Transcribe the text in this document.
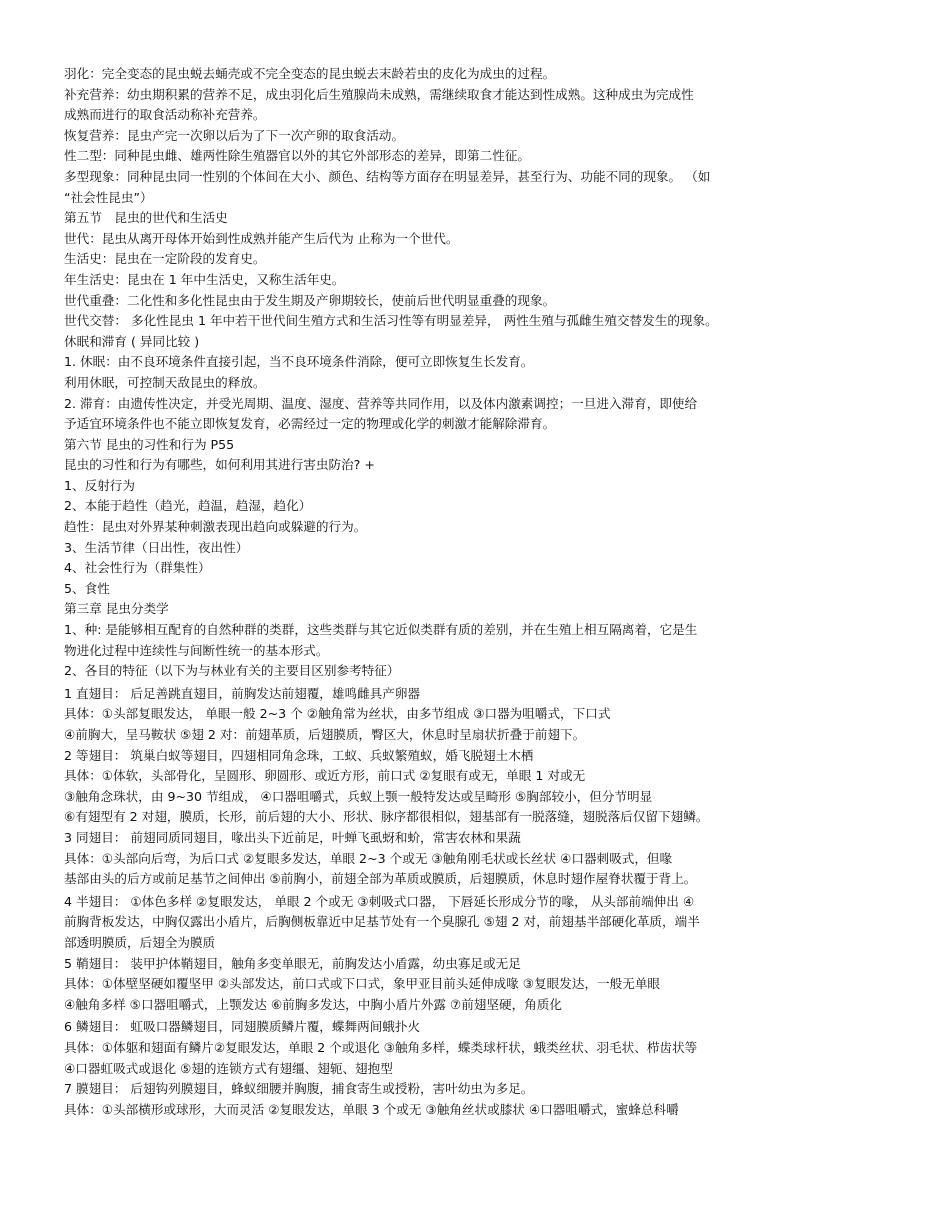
羽化：完全变态的昆虫蜕去蛹壳或不完全变态的昆虫蜕去末龄若虫的皮化为成虫的过程。
补充营养：幼虫期积累的营养不足，成虫羽化后生殖腺尚未成熟，需继续取食才能达到性成熟。这种成虫为完成性
成熟而进行的取食活动称补充营养。
恢复营养：昆虫产完一次卵以后为了下一次产卵的取食活动。
性二型：同种昆虫雌、雄两性除生殖器官以外的其它外部形态的差异，即第二性征。
多型现象：同种昆虫同一性别的个体间在大小、颜色、结构等方面存在明显差异，甚至行为、功能不同的现象。 （如
“社会性昆虫”）
第五节　昆虫的世代和生活史
世代：昆虫从离开母体开始到性成熟并能产生后代为 止称为一个世代。
生活史：昆虫在一定阶段的发育史。
年生活史：昆虫在 1 年中生活史，又称生活年史。
世代重叠：二化性和多化性昆虫由于发生期及产卵期较长，使前后世代明显重叠的现象。
世代交替： 多化性昆虫 1 年中若干世代间生殖方式和生活习性等有明显差异， 两性生殖与孤雌生殖交替发生的现象。
休眠和滞育 ( 异同比较 )
1. 休眠：由不良环境条件直接引起，当不良环境条件消除，便可立即恢复生长发育。
利用休眠，可控制天敌昆虫的释放。
2. 滞育：由遗传性决定，并受光周期、温度、湿度、营养等共同作用，以及体内激素调控；一旦进入滞育，即使给
予适宜环境条件也不能立即恢复发育，必需经过一定的物理或化学的刺激才能解除滞育。
第六节 昆虫的习性和行为 P55
昆虫的习性和行为有哪些，如何利用其进行害虫防治? +
1、反射行为
2、本能于趋性（趋光，趋温，趋湿，趋化）
趋性：昆虫对外界某种刺激表现出趋向或躲避的行为。
3、生活节律（日出性，夜出性）
4、社会性行为（群集性）
5、食性
第三章 昆虫分类学
1、种: 是能够相互配育的自然种群的类群，这些类群与其它近似类群有质的差别，并在生殖上相互隔离着，它是生
物进化过程中连续性与间断性统一的基本形式。
2、各目的特征（以下为与林业有关的主要目区别参考特征）
1 直翅目： 后足善跳直翅目，前胸发达前翅覆，雄鸣雌具产卵器
具体：①头部复眼发达， 单眼一般 2~3 个 ②触角常为丝状，由多节组成 ③口器为咀嚼式，下口式
④前胸大，呈马鞍状 ⑤翅 2 对：前翅革质，后翅膜质，臀区大，休息时呈扇状折叠于前翅下。
2 等翅目： 筑巢白蚁等翅目，四翅相同角念珠，工蚁、兵蚁繁殖蚁，婚飞脱翅土木栖
具体：①体软，头部骨化，呈圆形、卵圆形、或近方形，前口式 ②复眼有或无，单眼 1 对或无
③触角念珠状，由 9~30 节组成， ④口器咀嚼式，兵蚁上颚一般特发达或呈畸形 ⑤胸部较小，但分节明显
⑥有翅型有 2 对翅，膜质，长形，前后翅的大小、形状、脉序都很相似，翅基部有一脱落缝，翅脱落后仅留下翅鳞。
3 同翅目： 前翅同质同翅目，喙出头下近前足，叶蝉飞虱蚜和蚧，常害农林和果蔬
具体：①头部向后弯，为后口式 ②复眼多发达，单眼 2~3 个或无 ③触角刚毛状或长丝状 ④口器刺吸式，但喙
基部由头的后方或前足基节之间伸出 ⑤前胸小，前翅全部为革质或膜质，后翅膜质，休息时翅作屋脊状覆于背上。
4 半翅目： ①体色多样 ②复眼发达， 单眼 2 个或无 ③刺吸式口器， 下唇延长形成分节的喙， 从头部前端伸出 ④
前胸背板发达，中胸仅露出小盾片，后胸侧板靠近中足基节处有一个臭腺孔 ⑤翅 2 对，前翅基半部硬化革质，端半
部透明膜质，后翅全为膜质
5 鞘翅目： 装甲护体鞘翅目，触角多变单眼无，前胸发达小盾露，幼虫寡足或无足
具体：①体壁坚硬如覆坚甲 ②头部发达，前口式或下口式，象甲亚目前头延伸成喙 ③复眼发达，一般无单眼
④触角多样 ⑤口器咀嚼式，上颚发达 ⑥前胸多发达，中胸小盾片外露 ⑦前翅坚硬，角质化
6 鳞翅目： 虹吸口器鳞翅目，同翅膜质鳞片覆，蝶舞两间蛾扑火
具体：①体躯和翅面有鳞片②复眼发达，单眼 2 个或退化 ③触角多样，蝶类球杆状，蛾类丝状、羽毛状、栉齿状等
④口器虹吸式或退化 ⑤翅的连锁方式有翅缰、翅轭、翅抱型
7 膜翅目： 后翅钩列膜翅目，蜂蚁细腰并胸腹，捕食寄生或授粉，害叶幼虫为多足。
具体：①头部横形或球形，大而灵活 ②复眼发达，单眼 3 个或无 ③触角丝状或膝状 ④口器咀嚼式，蜜蜂总科嚼
